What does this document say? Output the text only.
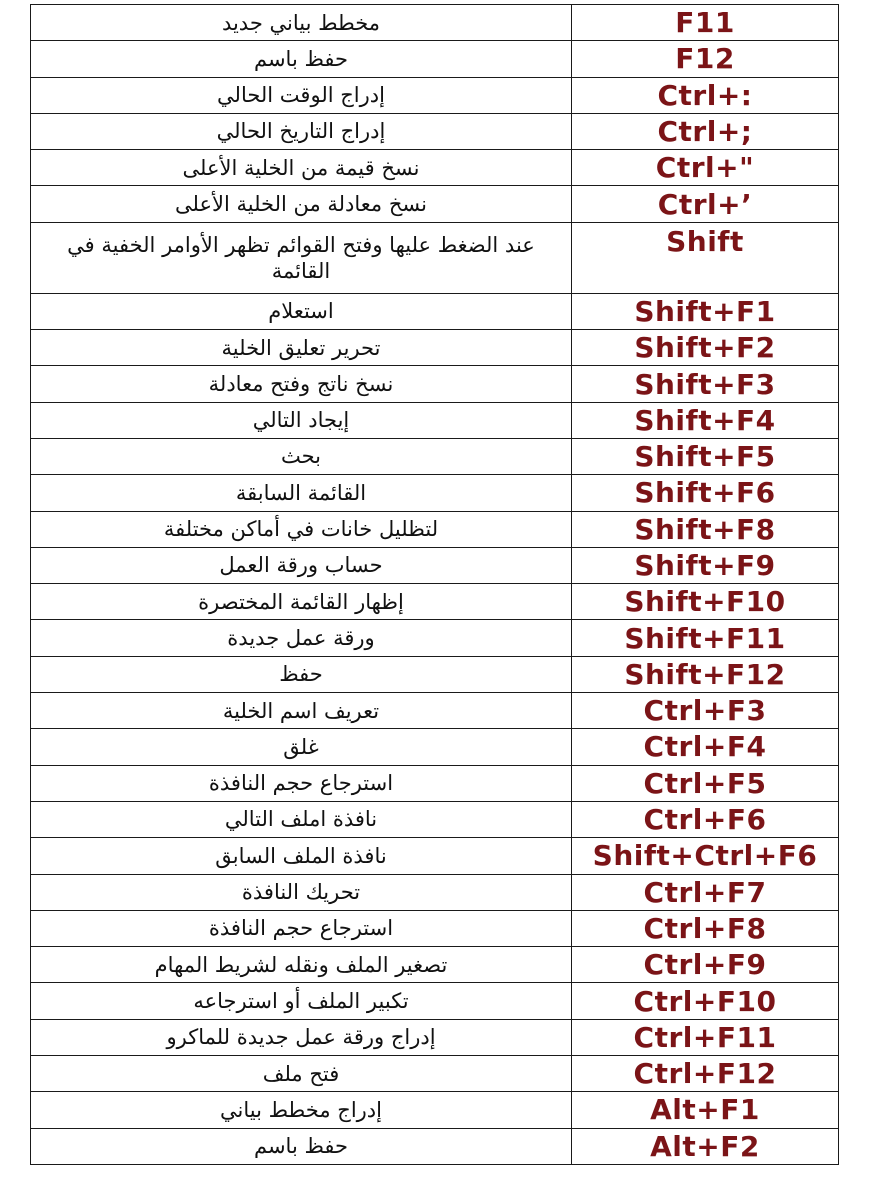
مخطط بياني جديد	F11
حفظ باسم	F12
إدراج الوقت الحالي	Ctrl+:
إدراج التاريخ الحالي	Ctrl+;
نسخ قيمة من الخلية الأعلى	Ctrl+"
نسخ معادلة من الخلية الأعلى	Ctrl+’
عند الضغط عليها وفتح القوائم تظهر الأوامر الخفية في القائمة	Shift
استعلام	Shift+F1
تحرير تعليق الخلية	Shift+F2
نسخ ناتج وفتح معادلة	Shift+F3
إيجاد التالي	Shift+F4
بحث	Shift+F5
القائمة السابقة	Shift+F6
لتظليل خانات في أماكن مختلفة	Shift+F8
حساب ورقة العمل	Shift+F9
إظهار القائمة المختصرة	Shift+F10
ورقة عمل جديدة	Shift+F11
حفظ	Shift+F12
تعريف اسم الخلية	Ctrl+F3
غلق	Ctrl+F4
استرجاع حجم النافذة	Ctrl+F5
نافذة املف التالي	Ctrl+F6
نافذة الملف السابق	Shift+Ctrl+F6
تحريك النافذة	Ctrl+F7
استرجاع حجم النافذة	Ctrl+F8
تصغير الملف ونقله لشريط المهام	Ctrl+F9
تكبير الملف أو استرجاعه	Ctrl+F10
إدراج ورقة عمل جديدة للماكرو	Ctrl+F11
فتح ملف	Ctrl+F12
إدراج مخطط بياني	Alt+F1
حفظ باسم	Alt+F2
